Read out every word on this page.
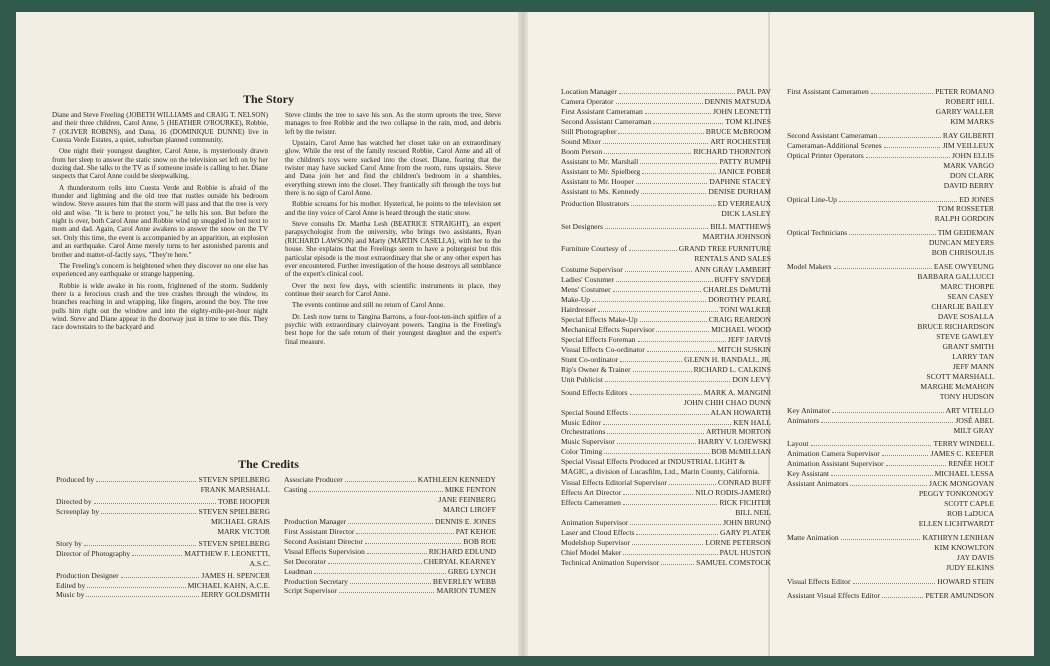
The Story

Diane and Steve Freeling (JOBETH WILLIAMS and CRAIG T. NELSON) and their three children, Carol Anne, 5 (HEATHER O'ROURKE), Robbie, 7 (OLIVER ROBINS), and Dana, 16 (DOMINIQUE DUNNE) live in Cuesta Verde Estates, a quiet, suburban planned community.

One night their youngest daughter, Carol Anne, is mysteriously drawn from her sleep to answer the static snow on the television set left on by her dozing dad. She talks to the TV as if someone inside is calling to her. Diane suspects that Carol Anne could be sleepwalking.

A thunderstorm rolls into Cuesta Verde and Robbie is afraid of the thunder and lightning and the old tree that rustles outside his bedroom window. Steve assures him that the storm will pass and that the tree is very old and wise. "It is here to protect you," he tells his son. But before the night is over, both Carol Anne and Robbie wind up snuggled in bed next to mom and dad. Again, Carol Anne awakens to answer the snow on the TV set. Only this time, the event is accompanied by an apparition, an explosion and an earthquake. Carol Anne merely turns to her astonished parents and brother and matter-of-factly says, "They're here."

The Freeling's concern is heightened when they discover no one else has experienced any earthquake or strange happening.

Robbie is wide awake in his room, frightened of the storm. Suddenly there is a ferocious crash and the tree crashes through the window, its branches reaching in and wrapping, like fingers, around the boy. The tree pulls him right out the window and into the eighty-mile-per-hour night wind. Steve and Diane appear in the doorway just in time to see this. They race downstairs to the backyard and

Steve climbs the tree to save his son. As the storm uproots the tree, Steve manages to free Robbie and the two collapse in the rain, mud, and debris left by the twister.

Upstairs, Carol Anne has watched her closet take on an extraordinary glow. While the rest of the family rescued Robbie, Carol Anne and all of the children's toys were sucked into the closet. Diane, fearing that the twister may have sucked Carol Anne from the room, runs upstairs. Steve and Dana join her and find the children's bedroom in a shambles, everything strewn into the closet. They frantically sift through the toys but there is no sign of Carol Anne.

Robbie screams for his mother. Hysterical, he points to the television set and the tiny voice of Carol Anne is heard through the static snow.

Steve consults Dr. Martha Lesh (BEATRICE STRAIGHT), an expert parapsychologist from the university, who brings two assistants, Ryan (RICHARD LAWSON) and Marty (MARTIN CASELLA), with her to the house. She explains that the Freelings seem to have a poltergeist but this particular episode is the most extraordinary that she or any other expert has ever encountered. Further investigation of the house destroys all semblance of the expert's clinical cool.

Over the next few days, with scientific instruments in place, they continue their search for Carol Anne.

The events continue and still no return of Carol Anne.

Dr. Lesh now turns to Tangina Barrons, a four-foot-ten-inch spitfire of a psychic with extraordinary clairvoyant powers. Tangina is the Freeling's best hope for the safe return of their youngest daughter and the expert's final measure.

The Credits
Produced by	STEVEN SPIELBERG
FRANK MARSHALL
Directed by	TOBE HOOPER
Screenplay by	STEVEN SPIELBERG
MICHAEL GRAIS
MARK VICTOR
Story by	STEVEN SPIELBERG
Director of Photography	MATTHEW F. LEONETTI,
A.S.C.
Production Designer	JAMES H. SPENCER
Edited by	MICHAEL KAHN, A.C.E.
Music by	JERRY GOLDSMITH
Associate Producer	KATHLEEN KENNEDY
Casting	MIKE FENTON
JANE FEINBERG
MARCI LIROFF
Production Manager	DENNIS E. JONES
First Assistant Director	PAT KEHOE
Second Assistant Director	BOB ROE
Visual Effects Supervision	RICHARD EDLUND
Set Decorator	CHERYAL KEARNEY
Leadman	GREG LYNCH
Production Secretary	BEVERLEY WEBB
Script Supervisor	MARION TUMEN
Location Manager	PAUL PAV
Camera Operator	DENNIS MATSUDA
First Assistant Cameraman	JOHN LEONETTI
Second Assistant Cameraman	TOM KLINES
Still Photographer	BRUCE McBROOM
Sound Mixer	ART ROCHESTER
Boom Person	RICHARD THORNTON
Assistant to Mr. Marshall	PATTY RUMPH
Assistant to Mr. Spielberg	JANICE POBER
Assistant to Mr. Hooper	DAPHNE STACEY
Assistant to Ms. Kennedy	DENISE DURHAM
Production Illustrators	ED VERREAUX
DICK LASLEY
Set Designers	BILL MATTHEWS
MARTHA JOHNSON
Furniture Courtesy of	GRAND TREE FURNITURE
RENTALS AND SALES
Costume Supervisor	ANN GRAY LAMBERT
Ladies' Costumer	BUFFY SNYDER
Mens' Costumer	CHARLES DeMUTH
Make-Up	DOROTHY PEARL
Hairdresser	TONI WALKER
Special Effects Make-Up	CRAIG REARDON
Mechanical Effects Supervisor	MICHAEL WOOD
Special Effects Foreman	JEFF JARVIS
Visual Effects Co-ordinator	MITCH SUSKIN
Stunt Co-ordinator	GLENN H. RANDALL, JR.
Rip's Owner & Trainer	RICHARD L. CALKINS
Unit Publicist	DON LEVY
Sound Effects Editors	MARK A. MANGINI
JOHN CHIH CHAO DUNN
Special Sound Effects	ALAN HOWARTH
Music Editor	KEN HALL
Orchestrations	ARTHUR MORTON
Music Supervisor	HARRY V. LOJEWSKI
Color Timing	BOB McMILLIAN
Special Visual Effects Produced at INDUSTRIAL LIGHT & MAGIC, a division of Lucasfilm, Ltd., Marin County, California.
Visual Effects Editorial Supervisor	CONRAD BUFF
Effects Art Director	NILO RODIS-JAMERO
Effects Cameramen	RICK FICHTER
BILL NEIL
Animation Supervisor	JOHN BRUNO
Laser and Cloud Effects	GARY PLATEK
Modelshop Supervisor	LORNE PETERSON
Chief Model Maker	PAUL HUSTON
Technical Animation Supervisor	SAMUEL COMSTOCK
First Assistant Cameramen	PETER ROMANO
ROBERT HILL
GARRY WALLER
KIM MARKS
Second Assistant Cameraman	RAY GILBERTI
Cameraman-Additional Scenes	JIM VEILLEUX
Optical Printer Operators	JOHN ELLIS
MARK VARGO
DON CLARK
DAVID BERRY
Optical Line-Up	ED JONES
TOM ROSSETER
RALPH GORDON
Optical Technicians	TIM GEIDEMAN
DUNCAN MEYERS
BOB CHRISOULIS
Model Makers	EASE OWYEUNG
BARBARA GALLUCCI
MARC THORPE
SEAN CASEY
CHARLIE BAILEY
DAVE SOSALLA
BRUCE RICHARDSON
STEVE GAWLEY
GRANT SMITH
LARRY TAN
JEFF MANN
SCOTT MARSHALL
MARGHE McMAHON
TONY HUDSON
Key Animator	ART VITELLO
Animators	JOSÉ ABEL
MILT GRAY
Layout	TERRY WINDELL
Animation Camera Supervisor	JAMES C. KEEFER
Animation Assistant Supervisor	RENÉE HOLT
Key Assistant	MICHAEL LESSA
Assistant Animators	JACK MONGOVAN
PEGGY TONKONOGY
SCOTT CAPLE
ROB LaDUCA
ELLEN LICHTWARDT
Matte Animation	KATHRYN LENIHAN
KIM KNOWLTON
JAY DAVIS
JUDY ELKINS
Visual Effects Editor	HOWARD STEIN
Assistant Visual Effects Editor	PETER AMUNDSON
